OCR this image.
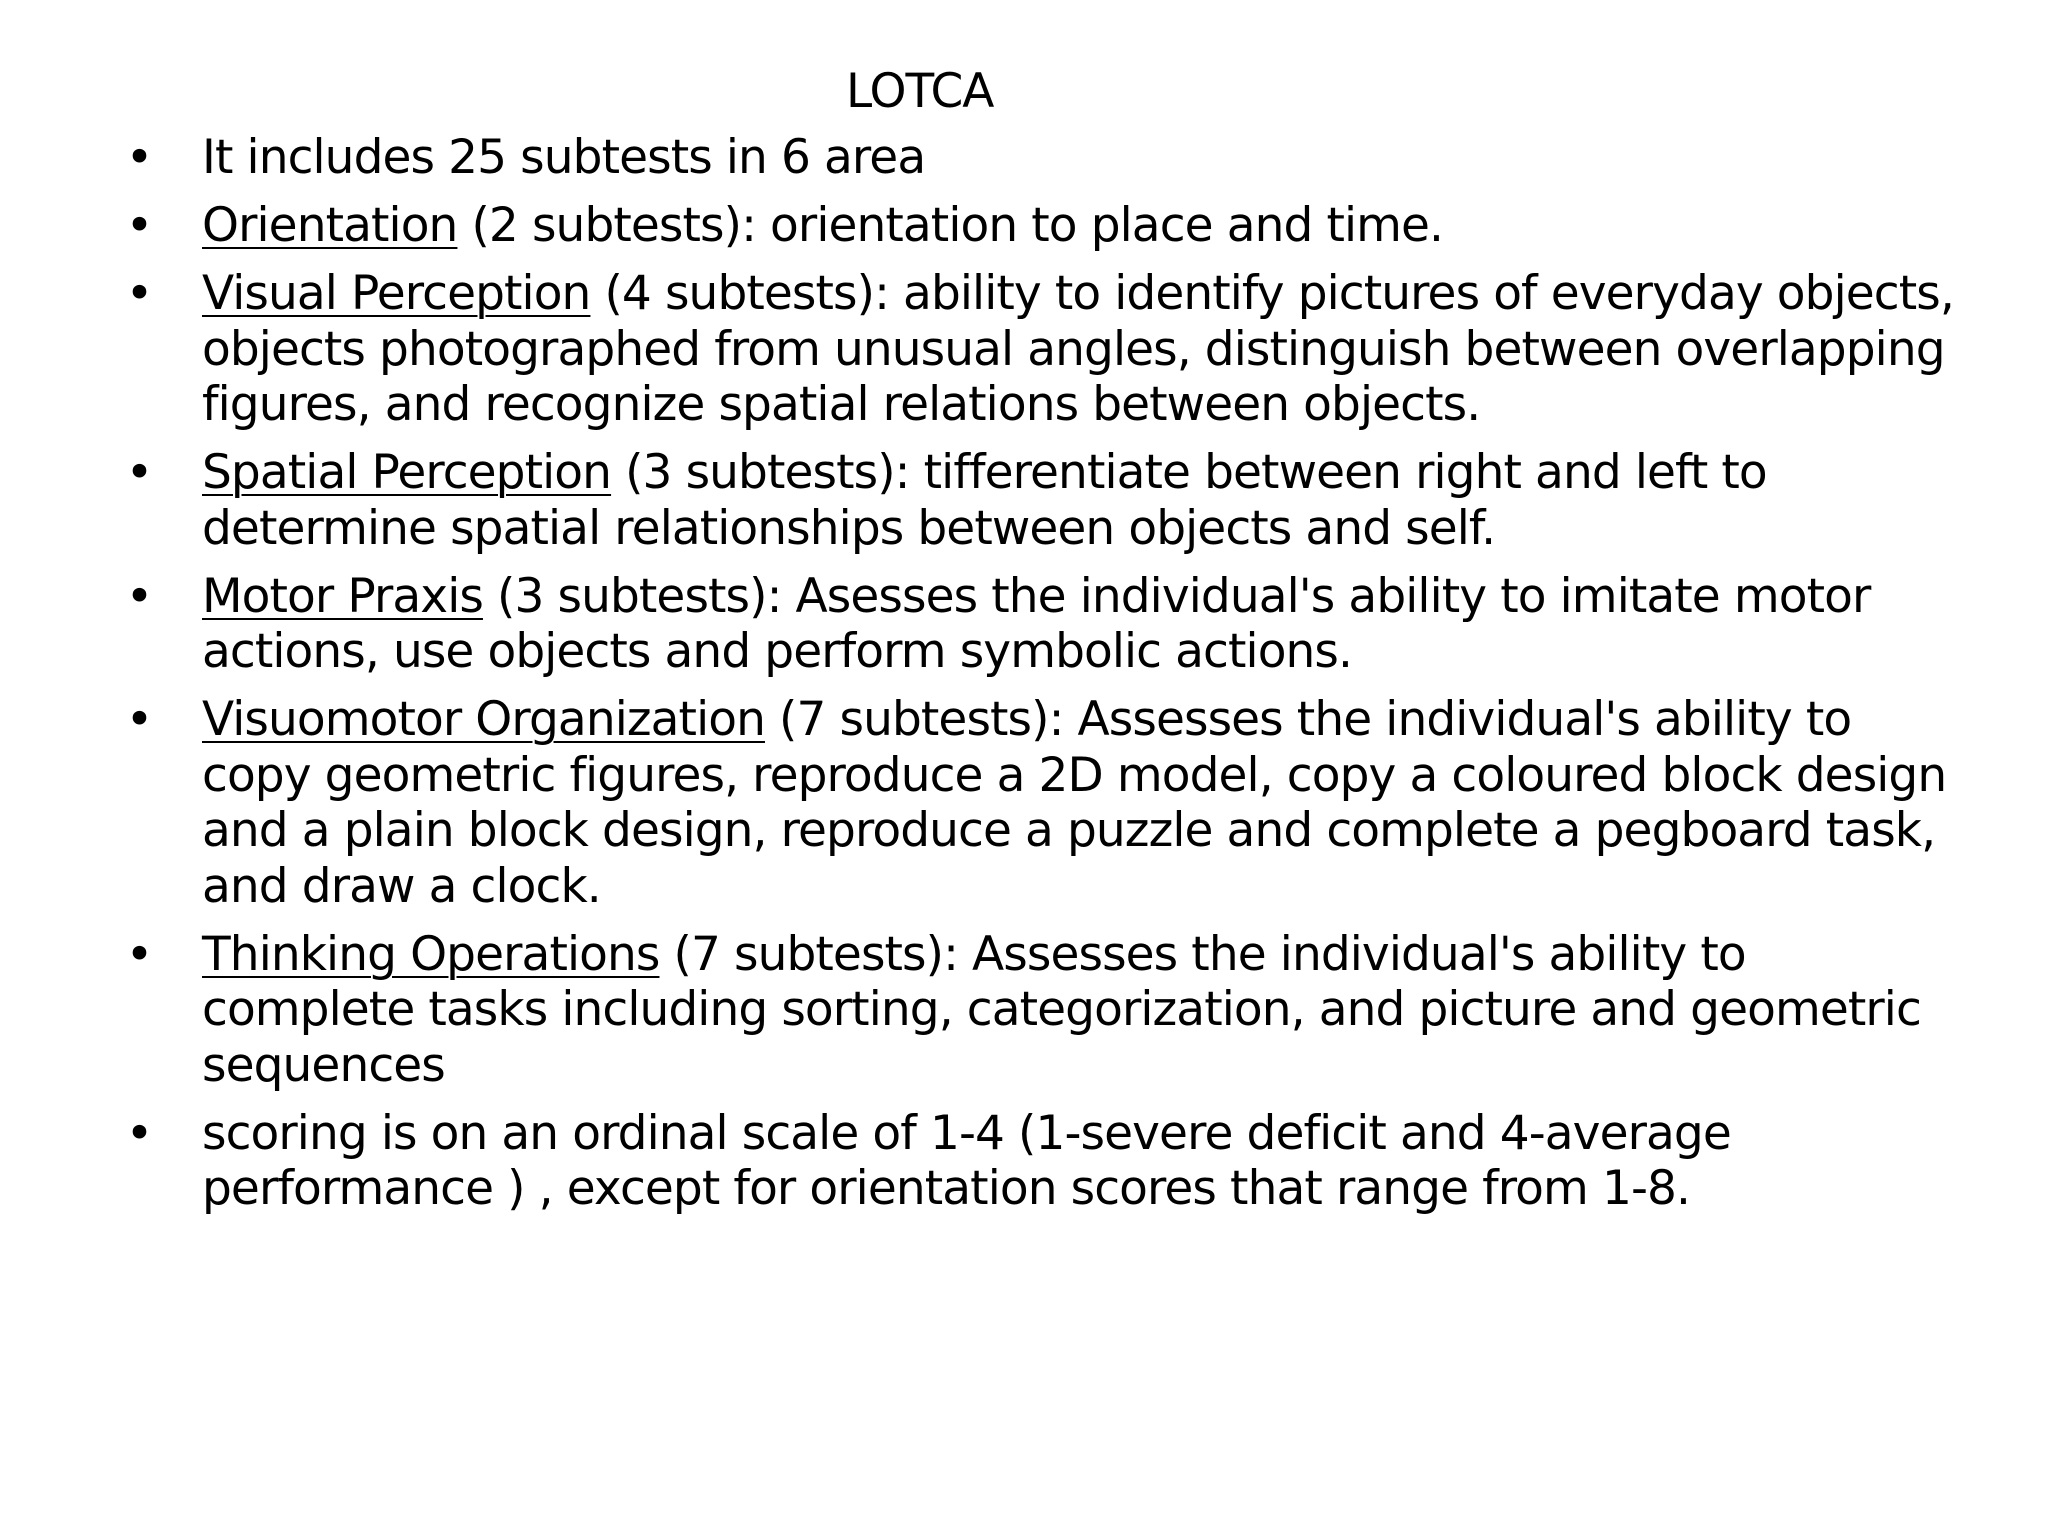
LOTCA
• It includes 25 subtests in 6 area
• Orientation (2 subtests): orientation to place and time.
• Visual Perception (4 subtests): ability to identify pictures of everyday objects, objects photographed from unusual angles, distinguish between overlapping figures, and recognize spatial relations between objects.
• Spatial Perception (3 subtests): tifferentiate between right and left to determine spatial relationships between objects and self.
• Motor Praxis (3 subtests): Asesses the individual's ability to imitate motor actions, use objects and perform symbolic actions.
• Visuomotor Organization (7 subtests): Assesses the individual's ability to copy geometric figures, reproduce a 2D model, copy a coloured block design and a plain block design, reproduce a puzzle and complete a pegboard task, and draw a clock.
• Thinking Operations (7 subtests): Assesses the individual's ability to complete tasks including sorting, categorization, and picture and geometric sequences
• scoring is on an ordinal scale of 1-4 (1-severe deficit and 4-average performance ) , except for orientation scores that range from 1-8.
